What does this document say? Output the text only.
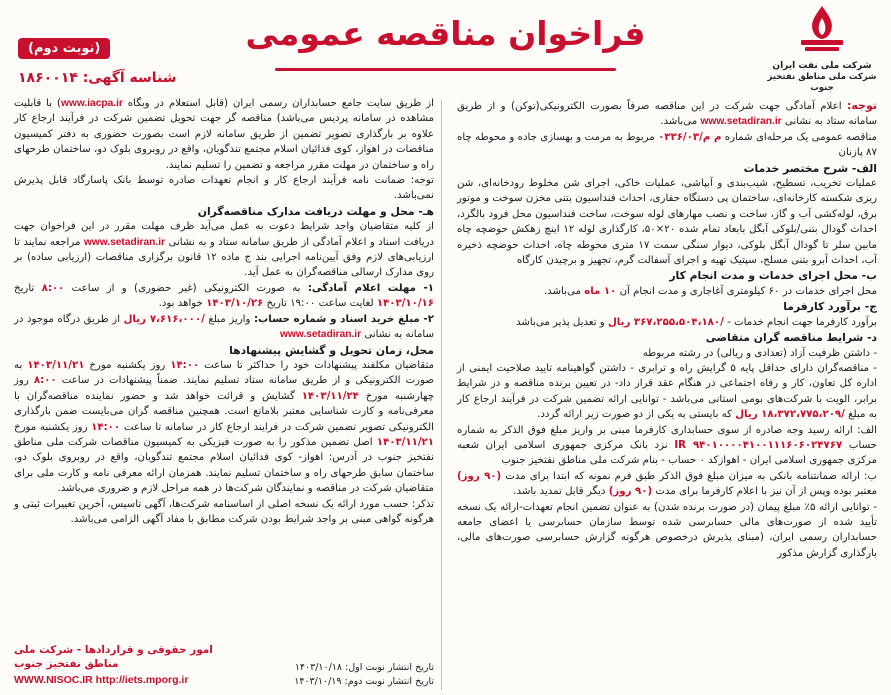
شرکت ملی نفت ایران
شرکت ملی مناطق نفتخیز جنوب
فراخوان مناقصه عمومی
(نوبت دوم)
شناسه آگهی: ۱۸۶۰۰۱۴

توجه: اعلام آمادگی جهت شرکت در این مناقصه صرفاً بصورت الکترونیکی(توکن) و از طریق سامانه ستاد به نشانی www.setadiran.ir می‌باشد.

مناقصه عمومی یک مرحله‌ای شماره م م/۰۳۳۶/۰۳ مربوط به مرمت و بهسازی جاده و محوطه چاه ۸۷ پازنان

الف- شرح مختصر خدمات

عملیات تخریب، تسطیح، شیب‌بندی و آبپاشی، عملیات خاکی، اجرای شن مخلوط رودخانه‌ای، شن ریزی شکسته کارخانه‌ای، ساختمان پی دستگاه حفاری، احداث فنداسیون بتنی مخزن سوخت و موتور برق، لوله‌کشی آب و گاز، ساخت و نصب مهارهای لوله سوخت، ساخت فنداسیون محل فرود بالگرد، احداث گودال بتنی/بلوکی آبگل بابعاد تمام شده ۲۰×۵۰، کارگذاری لوله ۱۲ اینچ زهکش حوضچه چاه مابین سلر تا گودال آبگل بلوکی، دیوار سنگی سمت ۱۷ متری محوطه چاه، احداث حوضچه ذخیره آب، احداث آبرو بتنی مسلح، سپتیک تهیه و اجرای آسفالت گرم، تجهیز و برچیدن کارگاه

ب- محل اجرای خدمات و مدت انجام کار

محل اجرای خدمات در ۶۰ کیلومتری آغاجاری و مدت انجام آن ۱۰ ماه می‌باشد.

ج- برآورد کارفرما

برآورد کارفرما جهت انجام خدمات - /۳۶۷،۲۵۵،۵۰۴،۱۸۰ ریال و تعدیل پذیر می‌باشد

د- شرایط مناقصه گران متقاضی

- داشتن ظرفیت آزاد (تعدادی و ریالی) در رشته مربوطه

- مناقصه‌گران دارای حداقل پایه ۵ گرایش راه و ترابری - داشتن گواهینامه تایید صلاحیت ایمنی از اداره کل تعاون، کار و رفاه اجتماعی در هنگام عقد قرار داد- در تعیین برنده مناقصه و در شرایط برابر، الویت با شرکت‌های بومی استانی می‌باشد - توانایی ارائه تضمین شرکت در فرآیند ارجاع کار به مبلغ /۱۸،۳۷۲،۷۷۵،۲۰۹ ریال که بایستی به یکی از دو صورت زیر ارائه گردد.

الف: ارائه رسید وجه صادره از سوی حسابداری کارفرما مبنی بر واریز مبلغ فوق الذکر به شماره حساب IR ۹۴۰۱۰۰۰۰۴۱۰۰۱۱۱۶۰۶۰۲۴۷۶۷ نزد بانک مرکزی جمهوری اسلامی ایران شعبه مرکزی جمهوری اسلامی ایران - اهوازکد ۰ حساب - بنام شرکت ملی مناطق نفتخیز جنوب

ب: ارائه ضمانتنامه بانکی به میزان مبلغ فوق الذکر طبق فرم نمونه که ابتدا برای مدت (۹۰ روز) معتبر بوده وپس از آن نیز با اعلام کارفرما برای مدت (۹۰ روز) دیگر قابل تمدید باشد.

- توانایی ارائه ۵٪ مبلغ پیمان (در صورت برنده شدن) به عنوان تضمین انجام تعهدات-ارائه یک نسخه تأیید شده از صورت‌های مالی حسابرسی شده توسط سازمان حسابرسی یا اعضای جامعه حسابداران رسمی ایران، (مبنای پذیرش درخصوص هرگونه گزارش حسابرسی صورت‌های مالی، بارگذاری گزارش مذکور

از طریق سایت جامع حسابداران رسمی ایران (قابل استعلام در وبگاه www.iacpa.ir) با قابلیت مشاهده در سامانه پردیس می‌باشد) مناقصه گر جهت تحویل تضمین شرکت در فرآیند ارجاع کار علاوه بر بارگذاری تصویر تضمین از طریق سامانه لازم است بصورت حضوری به دفتر کمیسیون مناقصات در اهواز، کوی فدائیان اسلام مجتمع تندگویان، واقع در روبروی بلوک دو، ساختمان طرحهای راه و ساختمان در مهلت مقرر مراجعه و تضمین را تسلیم نمایند.

توجه: ضمانت نامه فرآیند ارجاع کار و انجام تعهدات صادره توسط بانک پاسارگاد قابل پذیرش نمی‌باشد.

هـ- محل و مهلت دریافت مدارک مناقصه‌گران

از کلیه متقاضیان واجد شرایط دعوت به عمل می‌آید ظرف مهلت مقرر در این فراخوان جهت دریافت اسناد و اعلام آمادگی از طریق سامانه ستاد و به نشانی www.setadiran.ir مراجعه نمایند تا ارزیابی‌های لازم وفق آیین‌نامه اجرایی بند ج ماده ۱۲ قانون برگزاری مناقصات (ارزیابی ساده) بر روی مدارک ارسالی مناقصه‌گران به عمل آید.

۱- مهلت اعلام آمادگی: به صورت الکترونیکی (غیر حضوری) و از ساعت ۸:۰۰ تاریخ ۱۴۰۳/۱۰/۱۶ لغایت ساعت ۱۹:۰۰ تاریخ ۱۴۰۳/۱۰/۲۶ خواهد بود.

۲- مبلغ خرید اسناد و شماره حساب: واریز مبلغ /۷،۶۱۶،۰۰۰ ریال از طریق درگاه موجود در سامانه به نشانی www.setadiran.ir

محل، زمان تحویل و گشایش پیشنهادها

متقاضیان مکلفند پیشنهادات خود را حداکثر تا ساعت ۱۴:۰۰ روز یکشنبه مورخ ۱۴۰۳/۱۱/۲۱ به صورت الکترونیکی و از طریق سامانه ستاد تسلیم نمایند. ضمناً پیشنهادات در ساعت ۸:۰۰ روز چهارشنبه مورخ ۱۴۰۳/۱۱/۲۴ گشایش و قرائت خواهد شد و حضور نماینده مناقصه‌گران با معرفی‌نامه و کارت شناسایی معتبر بلامانع است. همچنین مناقصه گران می‌بایست ضمن بارگذاری الکترونیکی تصویر تضمین شرکت در فرایند ارجاع کار در سامانه تا ساعت ۱۴:۰۰ روز یکشنبه مورخ ۱۴۰۳/۱۱/۲۱ اصل تضمین مذکور را به صورت فیزیکی به کمیسیون مناقصات شرکت ملی مناطق نفتخیز جنوب در آدرس: اهواز- کوی فدائیان اسلام مجتمع تندگویان، واقع در روبروی بلوک دو، ساختمان سابق طرحهای راه و ساختمان تسلیم نمایند. همزمان ارائه معرفی نامه و کارت ملی برای متقاضیان شرکت در مناقصه و نمایندگان شرکت‌ها در همه مراحل لازم و ضروری می‌باشد.

تذکر: حسب مورد ارائه یک نسخه اصلی از اساسنامه شرکت‌ها، آگهی تاسیس، آخرین تغییرات ثبتی و هرگونه گواهی مبنی بر واجد شرایط بودن شرکت مطابق با مفاد آگهی الزامی می‌باشد.

تاریخ انتشار نوبت اول: ۱۴۰۳/۱۰/۱۸
تاریخ انتشار نوبت دوم: ۱۴۰۳/۱۰/۱۹
امور حقوقی و قراردادها - شرکت ملی مناطق نفتخیز جنوب
WWW.NISOC.IR http://iets.mporg.ir
